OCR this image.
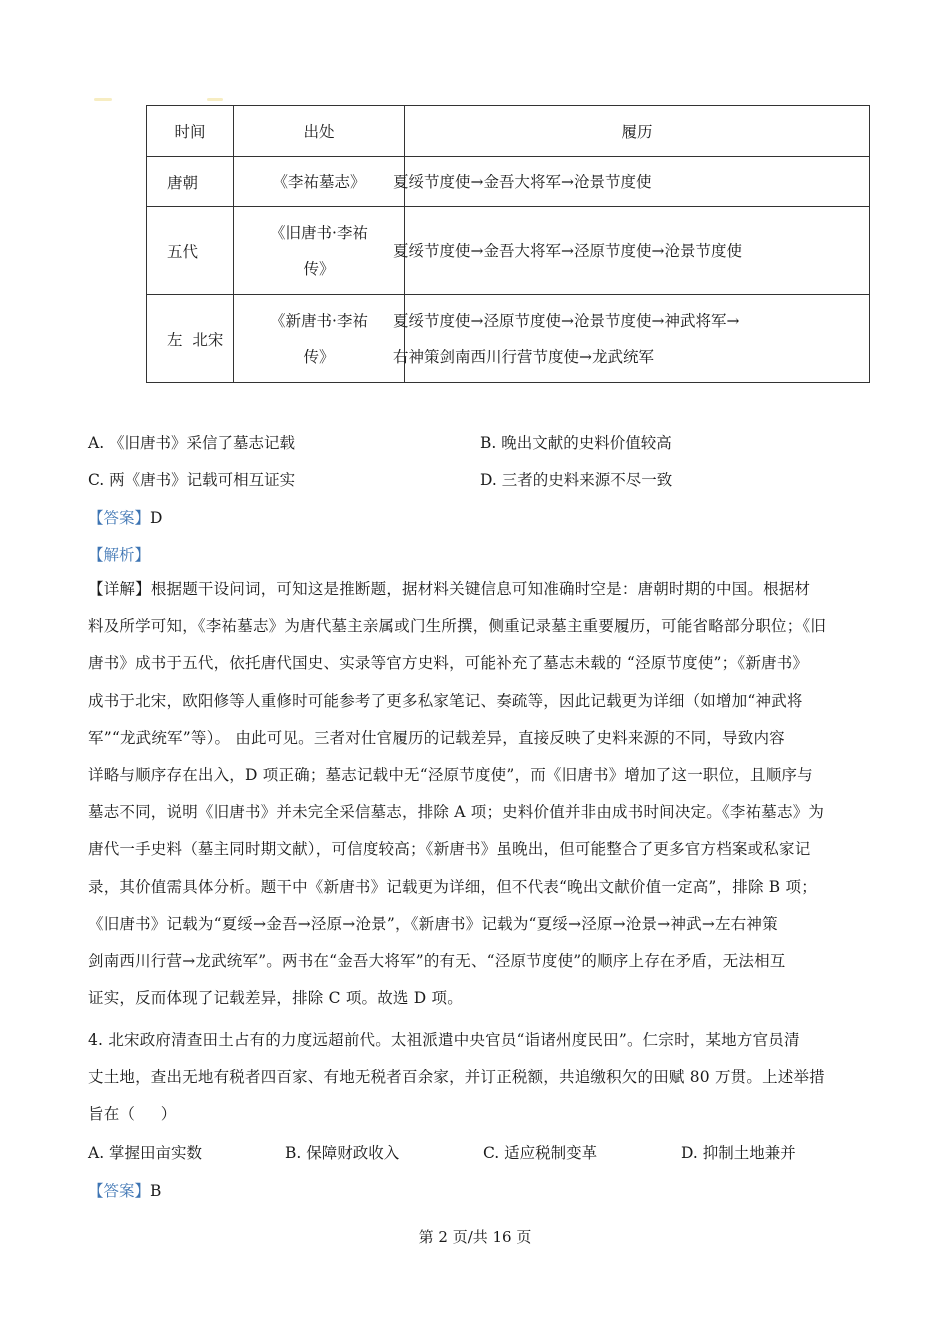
时间	出处	履历
唐朝	《李祐墓志》	夏绥节度使→金吾大将军→沧景节度使

五代	《旧唐书·李祐
传》	夏绥节度使→金吾大将军→泾原节度使→沧景节度使

左  北宋	《新唐书·李祐
传》	夏绥节度使→泾原节度使→沧景节度使→神武将军→
右神策剑南西川行营节度使→龙武统军
A. 《旧唐书》采信了墓志记载	B. 晚出文献的史料价值较高
C. 两《唐书》记载可相互证实	D. 三者的史料来源不尽一致
【答案】D
【解析】
【详解】根据题干设问词，可知这是推断题，据材料关键信息可知准确时空是：唐朝时期的中国。根据材
料及所学可知，《李祐墓志》为唐代墓主亲属或门生所撰，侧重记录墓主重要履历，可能省略部分职位；《旧
唐书》成书于五代，依托唐代国史、实录等官方史料，可能补充了墓志未载的 “泾原节度使”；《新唐书》
成书于北宋，欧阳修等人重修时可能参考了更多私家笔记、奏疏等，因此记载更为详细（如增加“神武将
军”“龙武统军”等）。 由此可见。三者对仕官履历的记载差异，直接反映了史料来源的不同，导致内容
详略与顺序存在出入，D 项正确；墓志记载中无“泾原节度使”，而《旧唐书》增加了这一职位，且顺序与
墓志不同，说明《旧唐书》并未完全采信墓志，排除 A 项；史料价值并非由成书时间决定。《李祐墓志》为
唐代一手史料（墓主同时期文献），可信度较高；《新唐书》虽晚出，但可能整合了更多官方档案或私家记
录，其价值需具体分析。题干中《新唐书》记载更为详细，但不代表“晚出文献价值一定高”，排除 B 项；
《旧唐书》记载为“夏绥→金吾→泾原→沧景”，《新唐书》记载为“夏绥→泾原→沧景→神武→左右神策
剑南西川行营→龙武统军”。两书在“金吾大将军”的有无、“泾原节度使”的顺序上存在矛盾，无法相互
证实，反而体现了记载差异，排除 C 项。故选 D 项。
4. 北宋政府清查田土占有的力度远超前代。太祖派遣中央官员“诣诸州度民田”。仁宗时，某地方官员清
丈土地，查出无地有税者四百家、有地无税者百余家，并订正税额，共追缴积欠的田赋 80 万贯。上述举措
旨在（     ）
A. 掌握田亩实数	B. 保障财政收入	C. 适应税制变革	D. 抑制土地兼并
【答案】B
第 2 页/共 16 页
